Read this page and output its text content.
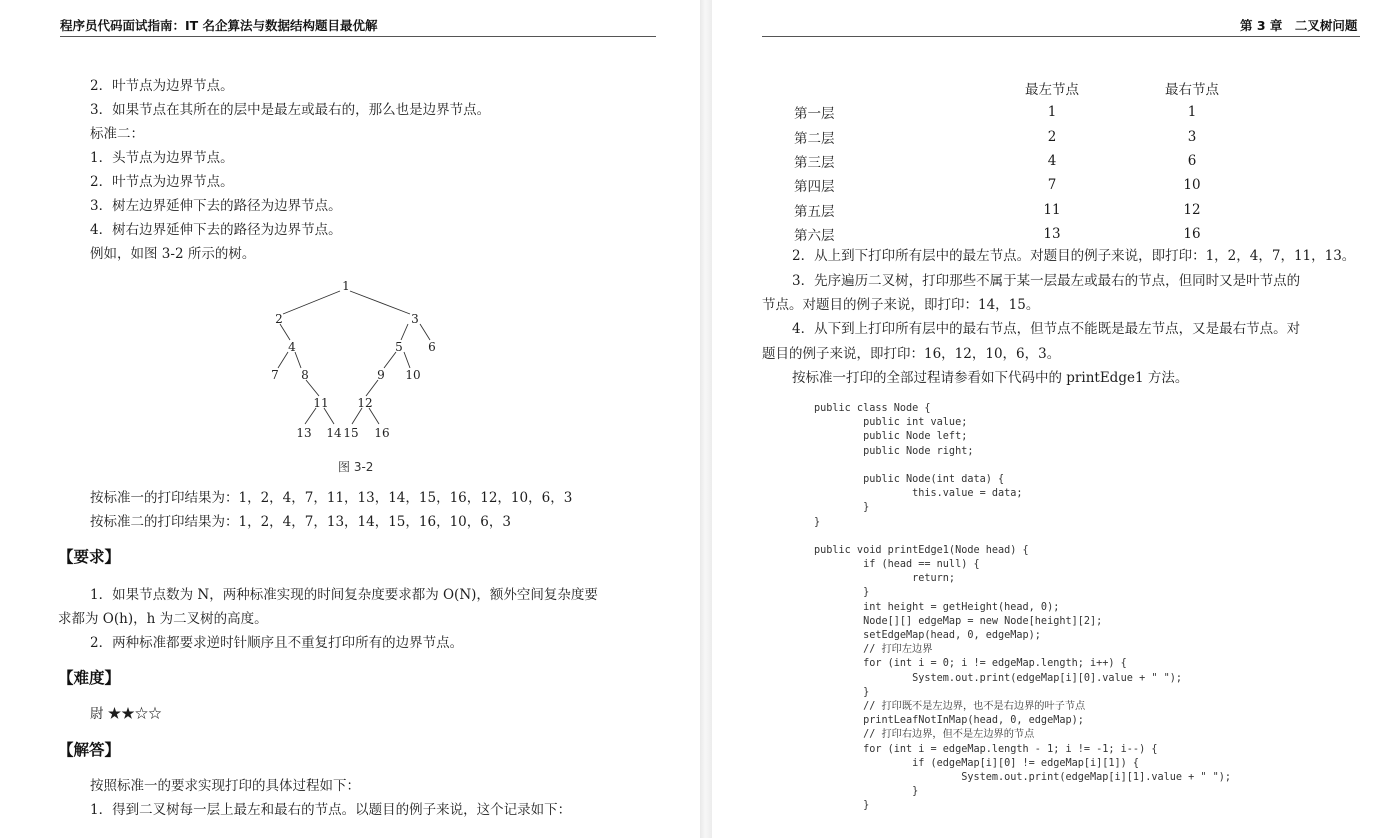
程序员代码面试指南：IT 名企算法与数据结构题目最优解
2．叶节点为边界节点。
3．如果节点在其所在的层中是最左或最右的，那么也是边界节点。
标准二：
1．头节点为边界节点。
2．叶节点为边界节点。
3．树左边界延伸下去的路径为边界节点。
4．树右边界延伸下去的路径为边界节点。
例如，如图 3-2 所示的树。
1
2	3
4	5 6
7 8	9 10
11 12
13 14 15 16
图 3-2
按标准一的打印结果为：1，2，4，7，11，13，14，15，16，12，10，6，3
按标准二的打印结果为：1，2，4，7，13，14，15，16，10，6，3
【要求】
1．如果节点数为 N，两种标准实现的时间复杂度要求都为 O(N)，额外空间复杂度要
求都为 O(h)，h 为二叉树的高度。
2．两种标准都要求逆时针顺序且不重复打印所有的边界节点。
【难度】
尉 ★★☆☆
【解答】
按照标准一的要求实现打印的具体过程如下：
1．得到二叉树每一层上最左和最右的节点。以题目的例子来说，这个记录如下：
第 3 章　二叉树问题
	最左节点	最右节点
第一层	1	1
第二层	2	3
第三层	4	6
第四层	7	10
第五层	11	12
第六层	13	16
2．从上到下打印所有层中的最左节点。对题目的例子来说，即打印：1，2，4，7，11，13。
3．先序遍历二叉树，打印那些不属于某一层最左或最右的节点，但同时又是叶节点的
节点。对题目的例子来说，即打印：14，15。
4．从下到上打印所有层中的最右节点，但节点不能既是最左节点，又是最右节点。对
题目的例子来说，即打印：16，12，10，6，3。
按标准一打印的全部过程请参看如下代码中的 printEdge1 方法。
public class Node {
public int value;
public Node left;
public Node right;
public Node(int data) {
this.value = data;
}
}
public void printEdge1(Node head) {
if (head == null) {
return;
}
int height = getHeight(head, 0);
Node[][] edgeMap = new Node[height][2];
setEdgeMap(head, 0, edgeMap);
// 打印左边界
for (int i = 0; i != edgeMap.length; i++) {
System.out.print(edgeMap[i][0].value + " ");
}
// 打印既不是左边界，也不是右边界的叶子节点
printLeafNotInMap(head, 0, edgeMap);
// 打印右边界，但不是左边界的节点
for (int i = edgeMap.length - 1; i != -1; i--) {
if (edgeMap[i][0] != edgeMap[i][1]) {
System.out.print(edgeMap[i][1].value + " ");
}
}
